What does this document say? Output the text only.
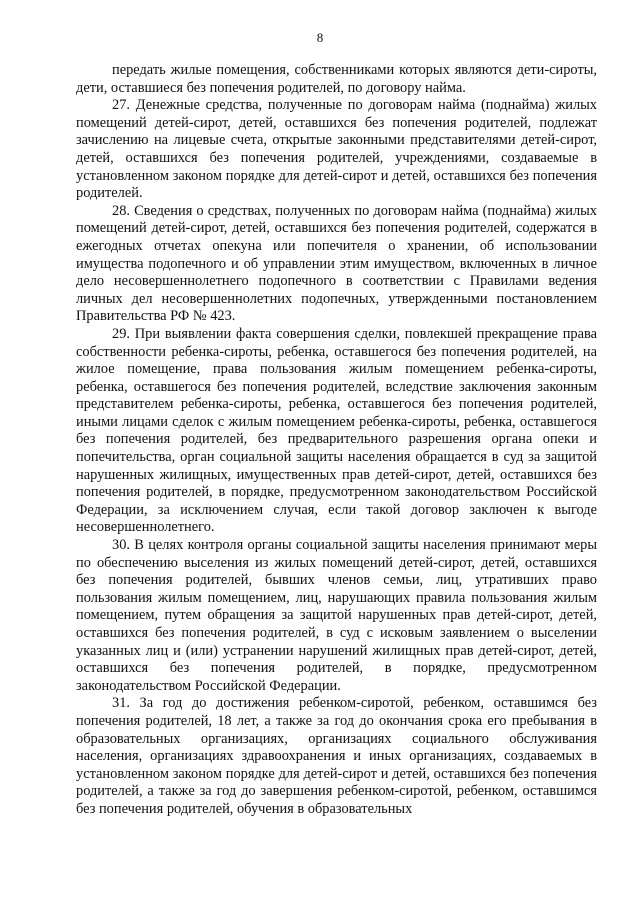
8

передать жилые помещения, собственниками которых являются дети-сироты, дети, оставшиеся без попечения родителей, по договору найма.

27. Денежные средства, полученные по договорам найма (поднайма) жилых помещений детей-сирот, детей, оставшихся без попечения родителей, подлежат зачислению на лицевые счета, открытые законными представителями детей-сирот, детей, оставшихся без попечения родителей, учреждениями, создаваемые в установленном законом порядке для детей-сирот и детей, оставшихся без попечения родителей.

28. Сведения о средствах, полученных по договорам найма (поднайма) жилых помещений детей-сирот, детей, оставшихся без попечения родителей, содержатся в ежегодных отчетах опекуна или попечителя о хранении, об использовании имущества подопечного и об управлении этим имуществом, включенных в личное дело несовершеннолетнего подопечного в соответствии с Правилами ведения личных дел несовершеннолетних подопечных, утвержденными постановлением Правительства РФ № 423.

29. При выявлении факта совершения сделки, повлекшей прекращение права собственности ребенка-сироты, ребенка, оставшегося без попечения родителей, на жилое помещение, права пользования жилым помещением ребенка-сироты, ребенка, оставшегося без попечения родителей, вследствие заключения законным представителем ребенка-сироты, ребенка, оставшегося без попечения родителей, иными лицами сделок с жилым помещением ребенка-сироты, ребенка, оставшегося без попечения родителей, без предварительного разрешения органа опеки и попечительства, орган социальной защиты населения обращается в суд за защитой нарушенных жилищных, имущественных прав детей-сирот, детей, оставшихся без попечения родителей, в порядке, предусмотренном законодательством Российской Федерации, за исключением случая, если такой договор заключен к выгоде несовершеннолетнего.

30. В целях контроля органы социальной защиты населения принимают меры по обеспечению выселения из жилых помещений детей-сирот, детей, оставшихся без попечения родителей, бывших членов семьи, лиц, утративших право пользования жилым помещением, лиц, нарушающих правила пользования жилым помещением, путем обращения за защитой нарушенных прав детей-сирот, детей, оставшихся без попечения родителей, в суд с исковым заявлением о выселении указанных лиц и (или) устранении нарушений жилищных прав детей-сирот, детей, оставшихся без попечения родителей, в порядке, предусмотренном законодательством Российской Федерации.

31. За год до достижения ребенком-сиротой, ребенком, оставшимся без попечения родителей, 18 лет, а также за год до окончания срока его пребывания в образовательных организациях, организациях социального обслуживания населения, организациях здравоохранения и иных организациях, создаваемых в установленном законом порядке для детей-сирот и детей, оставшихся без попечения родителей, а также за год до завершения ребенком-сиротой, ребенком, оставшимся без попечения родителей, обучения в образовательных
